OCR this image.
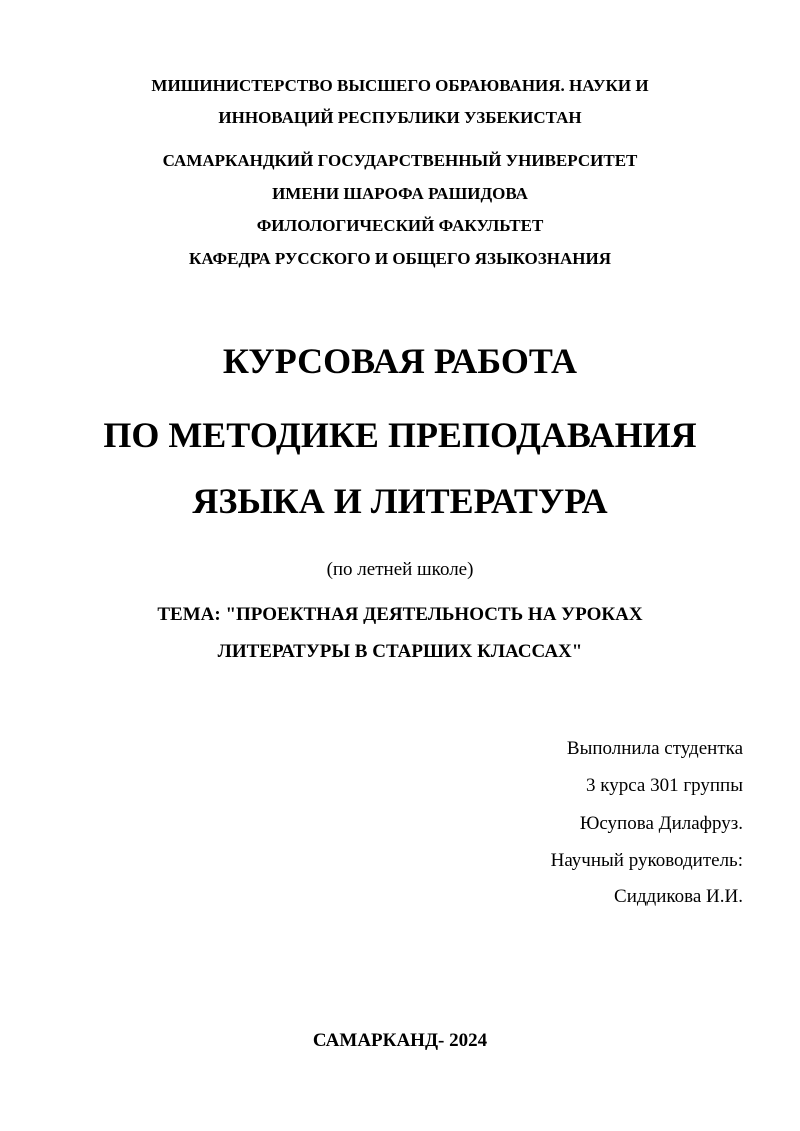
МИШИНИСТЕРСТВО ВЫСШЕГО ОБРАЮВАНИЯ. НАУКИ И
ИННОВАЦИЙ РЕСПУБЛИКИ УЗБЕКИСТАН
САМАРКАНДКИЙ ГОСУДАРСТВЕННЫЙ УНИВЕРСИТЕТ
ИМЕНИ ШАРОФА РАШИДОВА
ФИЛОЛОГИЧЕСКИЙ ФАКУЛЬТЕТ
КАФЕДРА РУССКОГО И ОБЩЕГО ЯЗЫКОЗНАНИЯ
КУРСОВАЯ РАБОТА
ПО МЕТОДИКЕ ПРЕПОДАВАНИЯ
ЯЗЫКА И ЛИТЕРАТУРА
(по летней школе)
ТЕМА: "ПРОЕКТНАЯ ДЕЯТЕЛЬНОСТЬ НА УРОКАХ
ЛИТЕРАТУРЫ В СТАРШИХ КЛАССАХ"
Выполнила студентка
3 курса 301 группы
Юсупова Дилафруз.
Научный руководитель:
Сиддикова И.И.
САМАРКАНД- 2024
